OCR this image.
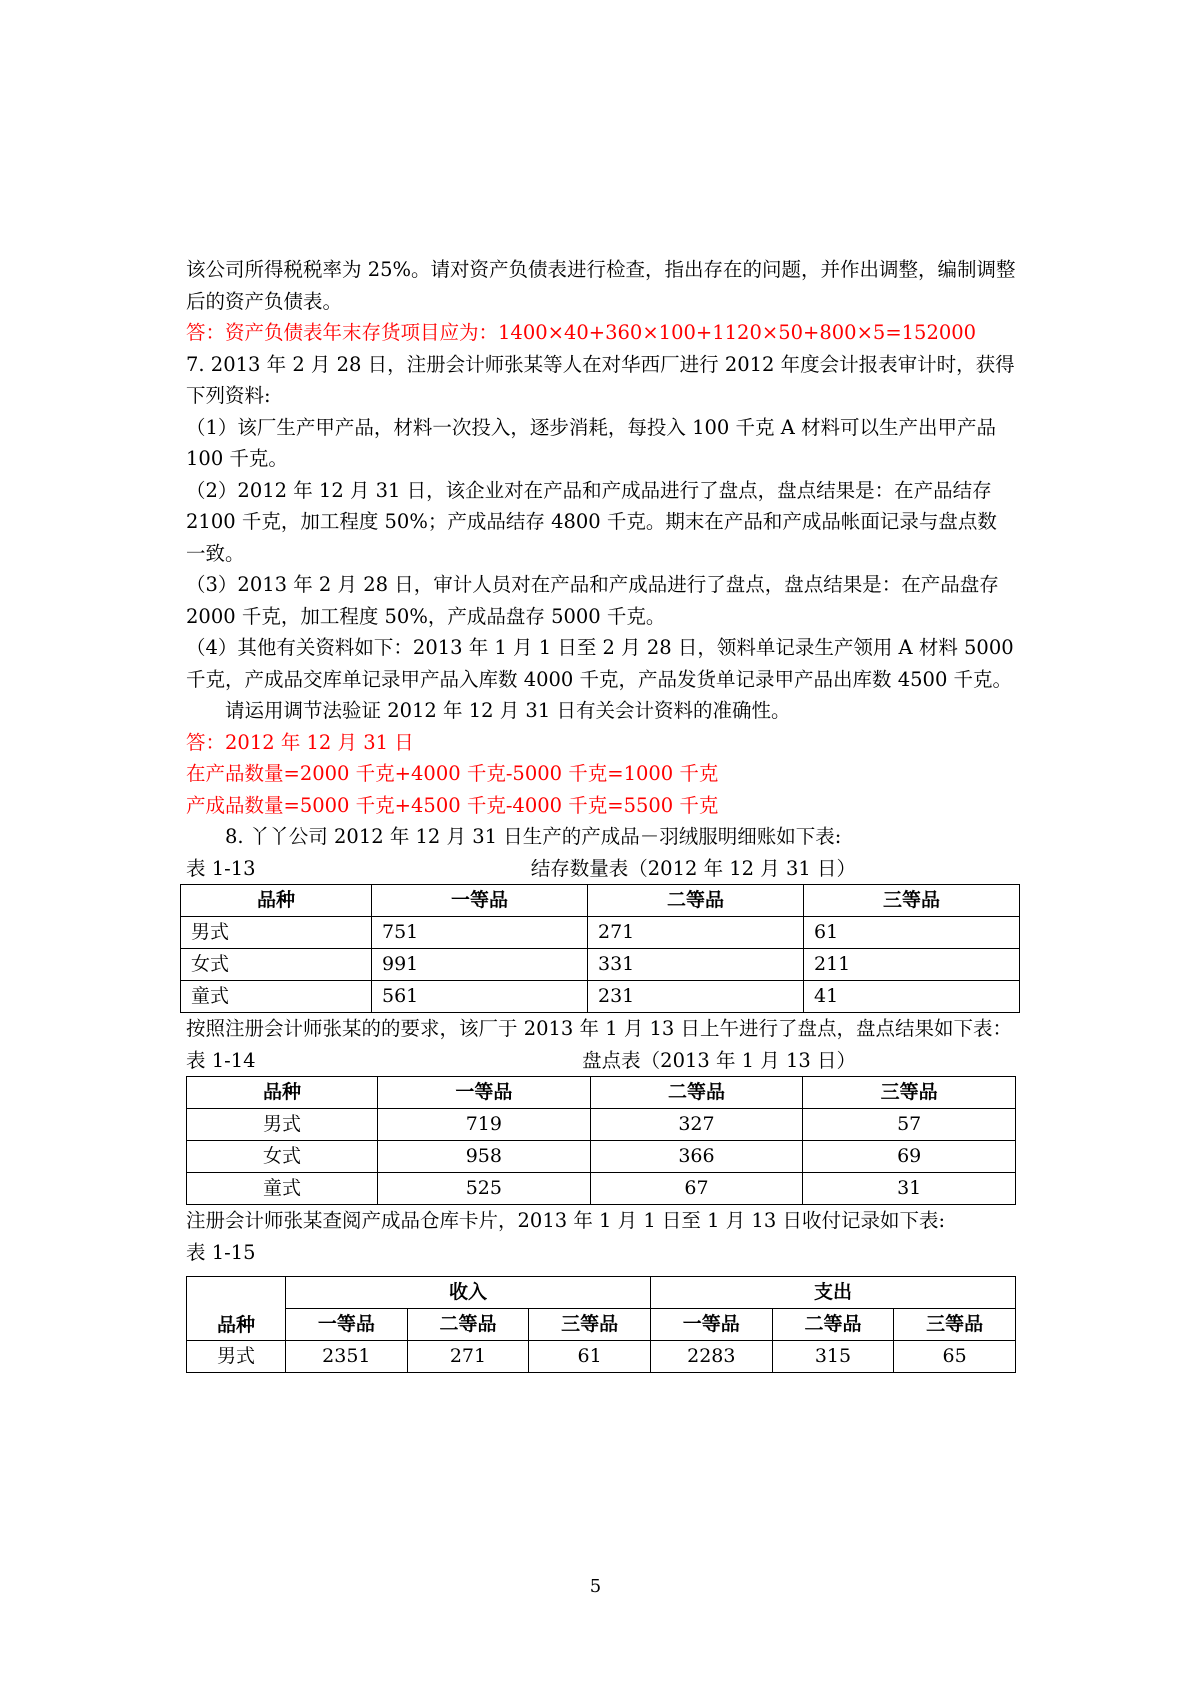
该公司所得税税率为 25%。请对资产负债表进行检查，指出存在的问题，并作出调整，编制调整后的资产负债表。

答：资产负债表年末存货项目应为：1400×40+360×100+1120×50+800×5=152000

7. 2013 年 2 月 28 日，注册会计师张某等人在对华西厂进行 2012 年度会计报表审计时，获得下列资料:

（1）该厂生产甲产品，材料一次投入，逐步消耗，每投入 100 千克 A 材料可以生产出甲产品 100 千克。

（2）2012 年 12 月 31 日，该企业对在产品和产成品进行了盘点，盘点结果是：在产品结存 2100 千克，加工程度 50%；产成品结存 4800 千克。期末在产品和产成品帐面记录与盘点数一致。

（3）2013 年 2 月 28 日，审计人员对在产品和产成品进行了盘点，盘点结果是：在产品盘存 2000 千克，加工程度 50%，产成品盘存 5000 千克。

（4）其他有关资料如下：2013 年 1 月 1 日至 2 月 28 日，领料单记录生产领用 A 材料 5000 千克，产成品交库单记录甲产品入库数 4000 千克，产品发货单记录甲产品出库数 4500 千克。

请运用调节法验证 2012 年 12 月 31 日有关会计资料的准确性。

答：2012 年 12 月 31 日

在产品数量=2000 千克+4000 千克-5000 千克=1000 千克

产成品数量=5000 千克+4500 千克-4000 千克=5500 千克

8. 丫丫公司 2012 年 12 月 31 日生产的产成品－羽绒服明细账如下表:

表 1-13	结存数量表（2012 年 12 月 31 日）

品种	一等品	二等品	三等品
男式	751	271	61
女式	991	331	211
童式	561	231	41

按照注册会计师张某的的要求，该厂于 2013 年 1 月 13 日上午进行了盘点，盘点结果如下表：

表 1-14	盘点表（2013 年 1 月 13 日）

品种	一等品	二等品	三等品
男式	719	327	57
女式	958	366	69
童式	525	67	31

注册会计师张某查阅产成品仓库卡片，2013 年 1 月 1 日至 1 月 13 日收付记录如下表:

表 1-15

品种	收入			支出		
	一等品	二等品	三等品	一等品	二等品	三等品
男式	2351	271	61	2283	315	65
5
